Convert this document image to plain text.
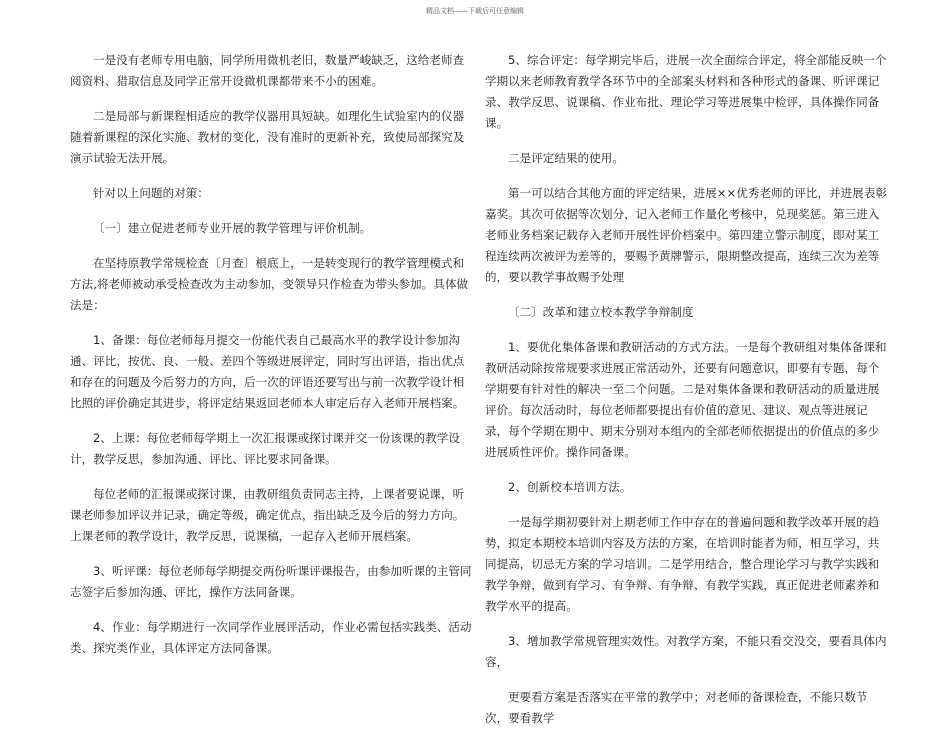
精品文档——下载后可任意编辑

一是没有老师专用电脑，同学所用微机老旧，数量严峻缺乏，这给老师查阅资料、猎取信息及同学正常开设微机课都带来不小的困难。

二是局部与新课程相适应的教学仪器用具短缺。如理化生试验室内的仪器随着新课程的深化实施、教材的变化，没有准时的更新补充，致使局部探究及演示试验无法开展。

针对以上问题的对策：

〔一〕建立促进老师专业开展的教学管理与评价机制。

在坚持原教学常规检查〔月查〕根底上，一是转变现行的教学管理模式和方法,将老师被动承受检查改为主动参加，变领导只作检查为带头参加。具体做法是：

1、备课：每位老师每月提交一份能代表自己最高水平的教学设计参加沟通、评比，按优、良、一般、差四个等级进展评定，同时写出评语，指出优点和存在的问题及今后努力的方向，后一次的评语还要写出与前一次教学设计相比照的评价确定其进步，将评定结果返回老师本人审定后存入老师开展档案。

2、上课：每位老师每学期上一次汇报课或探讨课并交一份该课的教学设计，教学反思，参加沟通、评比、评比要求同备课。

每位老师的汇报课或探讨课，由教研组负责同志主持，上课者要说课，听课老师参加评议并记录，确定等级，确定优点，指出缺乏及今后的努力方向。上课老师的教学设计，教学反思，说课稿，一起存入老师开展档案。

3、听评课：每位老师每学期提交两份听课评课报告，由参加听课的主管同志签字后参加沟通、评比，操作方法同备课。

4、作业：每学期进行一次同学作业展评活动，作业必需包括实践类、活动类、探究类作业，具体评定方法同备课。

5、综合评定：每学期完毕后，进展一次全面综合评定，将全部能反映一个学期以来老师教育教学各环节中的全部案头材料和各种形式的备课、听评课记录、教学反思、说课稿、作业布批、理论学习等进展集中检评，具体操作同备课。

二是评定结果的使用。

第一可以结合其他方面的评定结果，进展××优秀老师的评比，并进展表彰嘉奖。其次可依据等次划分，记入老师工作量化考核中，兑现奖惩。第三进入老师业务档案记载存入老师开展性评价档案中。第四建立警示制度，即对某工程连续两次被评为差等的，要赐予黄牌警示，限期整改提高，连续三次为差等的，要以教学事故赐予处理

〔二〕改革和建立校本教学争辩制度

1、要优化集体备课和教研活动的方式方法。一是每个教研组对集体备课和教研活动除按常规要求进展正常活动外，还要有问题意识，即要有专题，每个学期要有针对性的解决一至二个问题。二是对集体备课和教研活动的质量进展评价。每次活动时，每位老师都要提出有价值的意见、建议、观点等进展记录，每个学期在期中、期末分别对本组内的全部老师依据提出的价值点的多少进展质性评价。操作同备课。

2、创新校本培训方法。

一是每学期初要针对上期老师工作中存在的普遍问题和教学改革开展的趋势，拟定本期校本培训内容及方法的方案，在培训时能者为师，相互学习，共同提高，切忌无方案的学习培训。二是学用结合，整合理论学习与教学实践和教学争辩，做到有学习、有争辩、有争辩、有教学实践，真正促进老师素养和教学水平的提高。

3、增加教学常规管理实效性。对教学方案，不能只看交没交，要看具体内容，

更要看方案是否落实在平常的教学中；对老师的备课检查，不能只数节次，要看教学
